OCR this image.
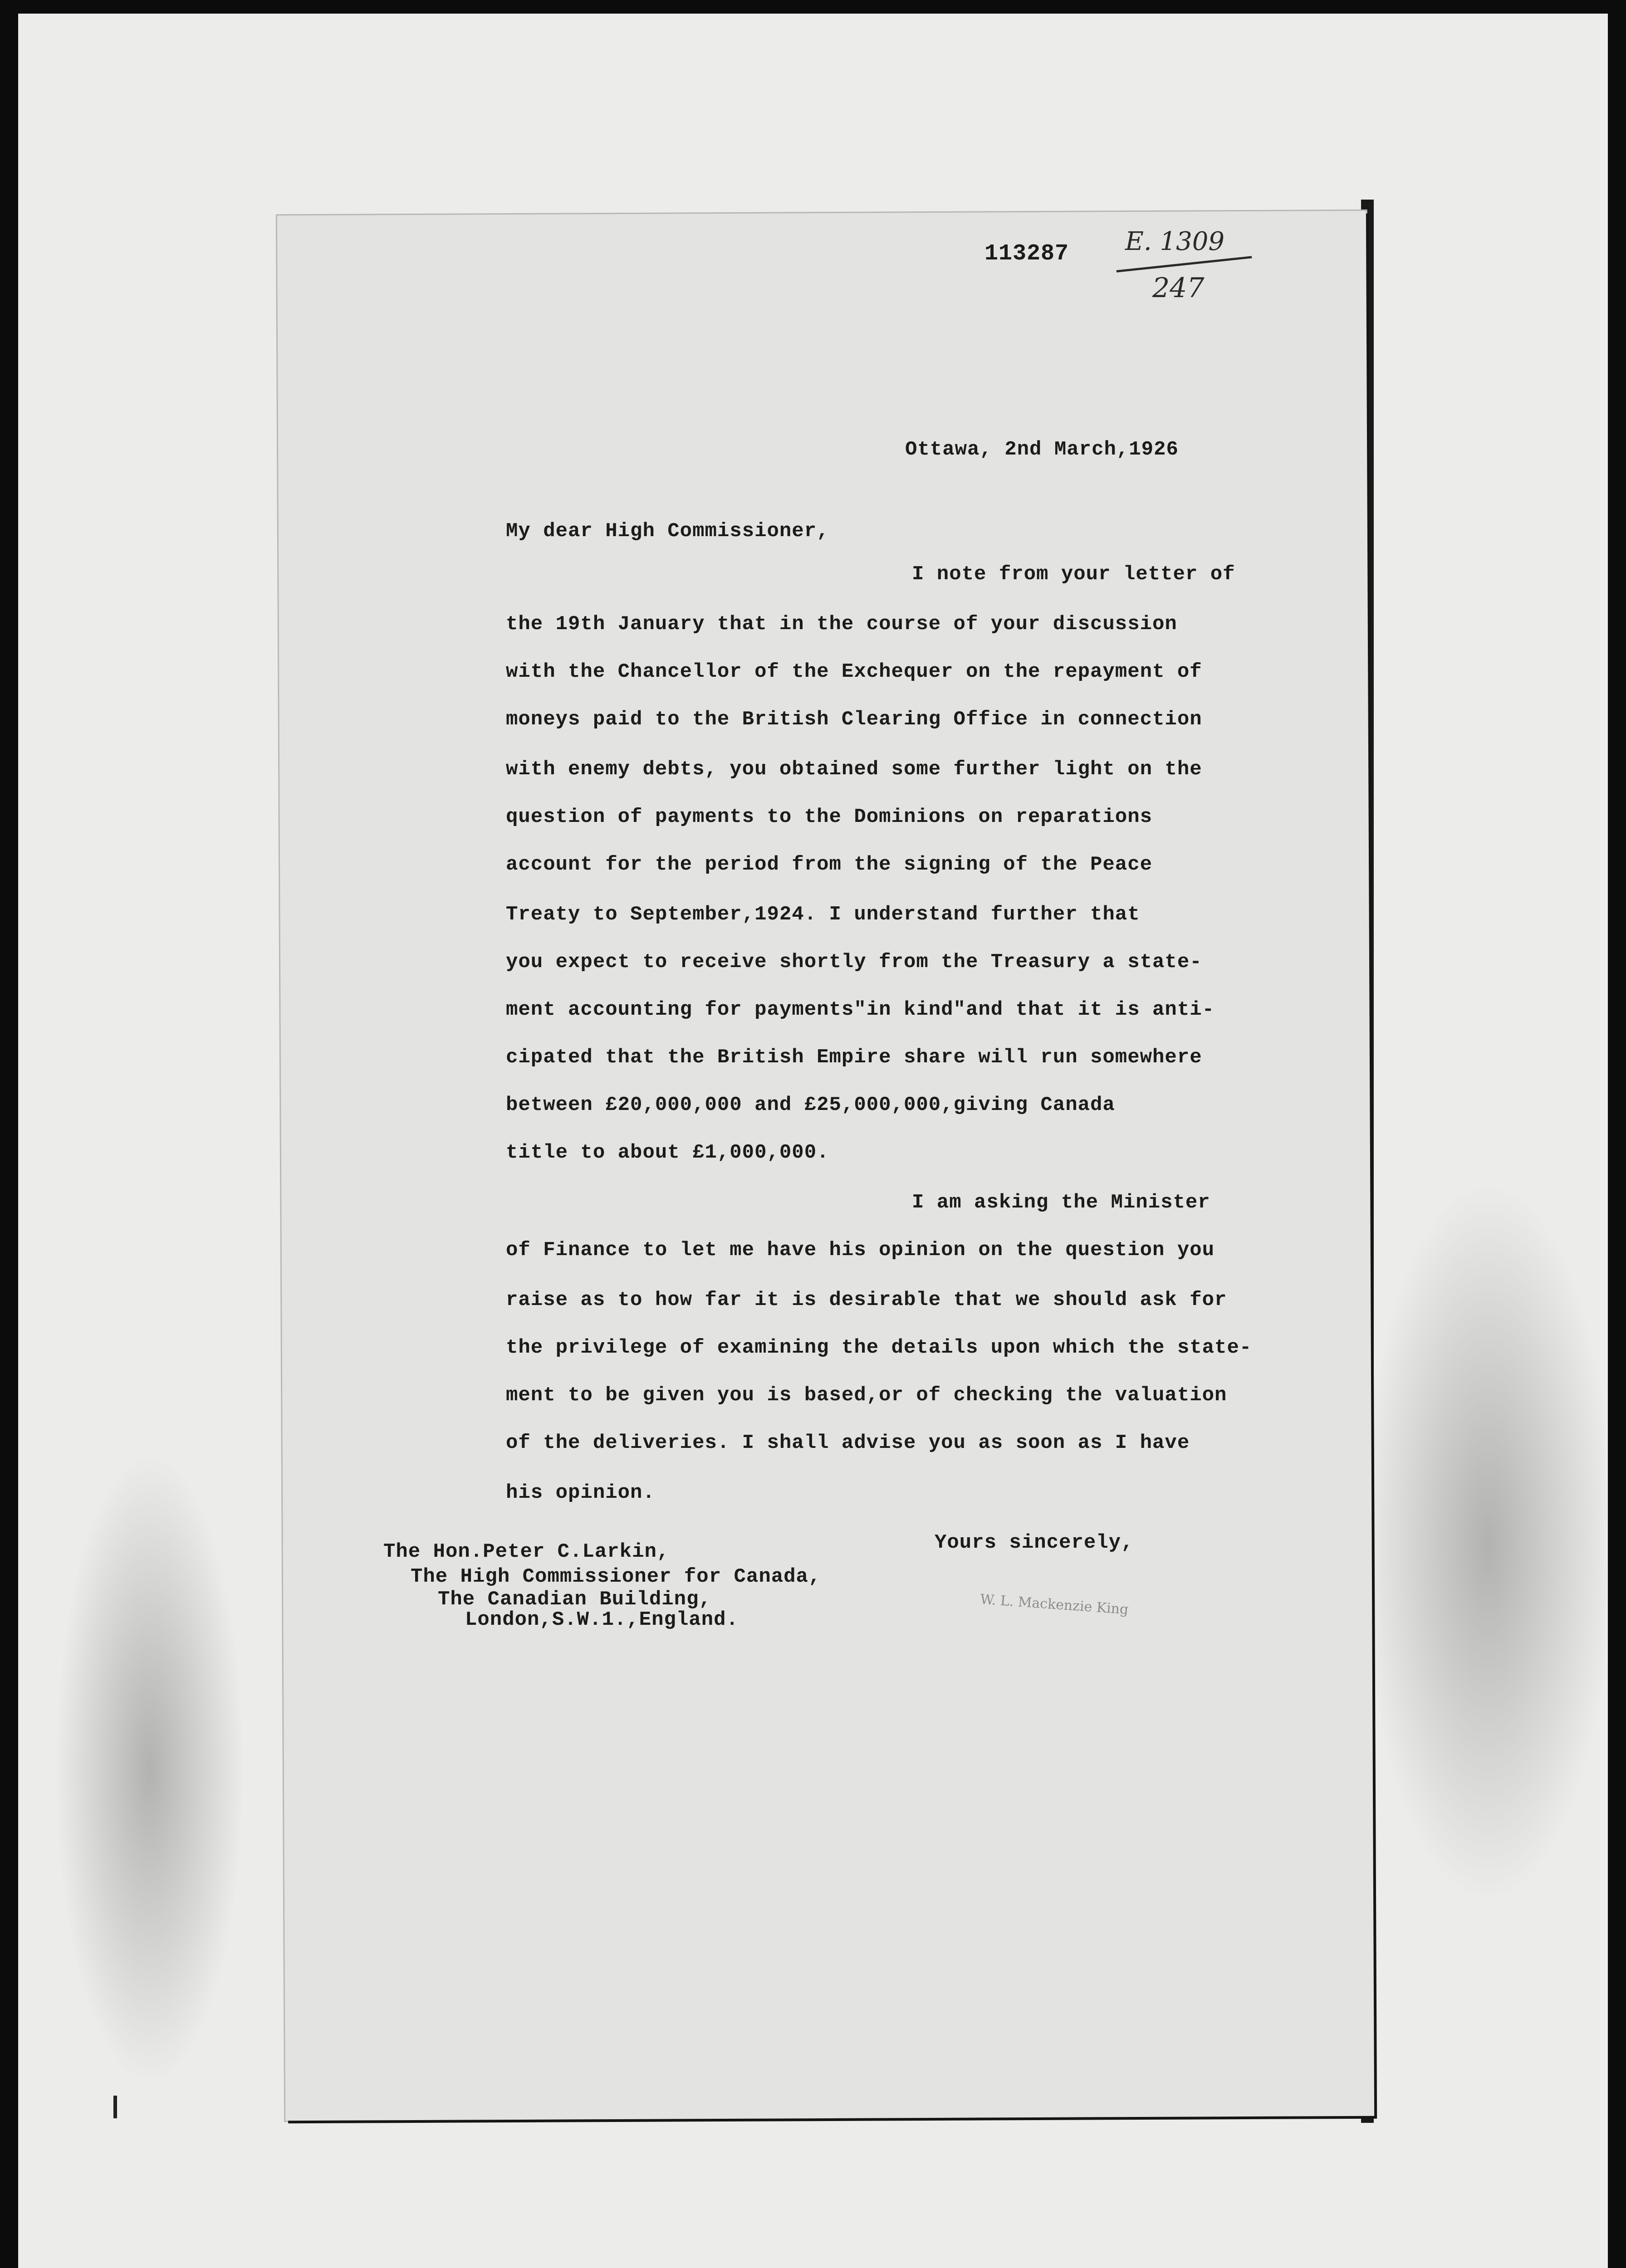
113287 E. 1309
247
Ottawa, 2nd March,1926
My dear High Commissioner,
I note from your letter of
the 19th January that in the course of your discussion
with the Chancellor of the Exchequer on the repayment of
moneys paid to the British Clearing Office in connection
with enemy debts, you obtained some further light on the
question of payments to the Dominions on reparations
account for the period from the signing of the Peace
Treaty to September,1924. I understand further that
you expect to receive shortly from the Treasury a state-
ment accounting for payments"in kind"and that it is anti-
cipated that the British Empire share will run somewhere
between £20,000,000 and £25,000,000,giving Canada
title to about £1,000,000.
I am asking the Minister
of Finance to let me have his opinion on the question you
raise as to how far it is desirable that we should ask for
the privilege of examining the details upon which the state-
ment to be given you is based,or of checking the valuation
of the deliveries. I shall advise you as soon as I have
his opinion.
Yours sincerely,
W. L. Mackenzie King
The Hon.Peter C.Larkin,
The High Commissioner for Canada,
The Canadian Building,
London,S.W.1.,England.
